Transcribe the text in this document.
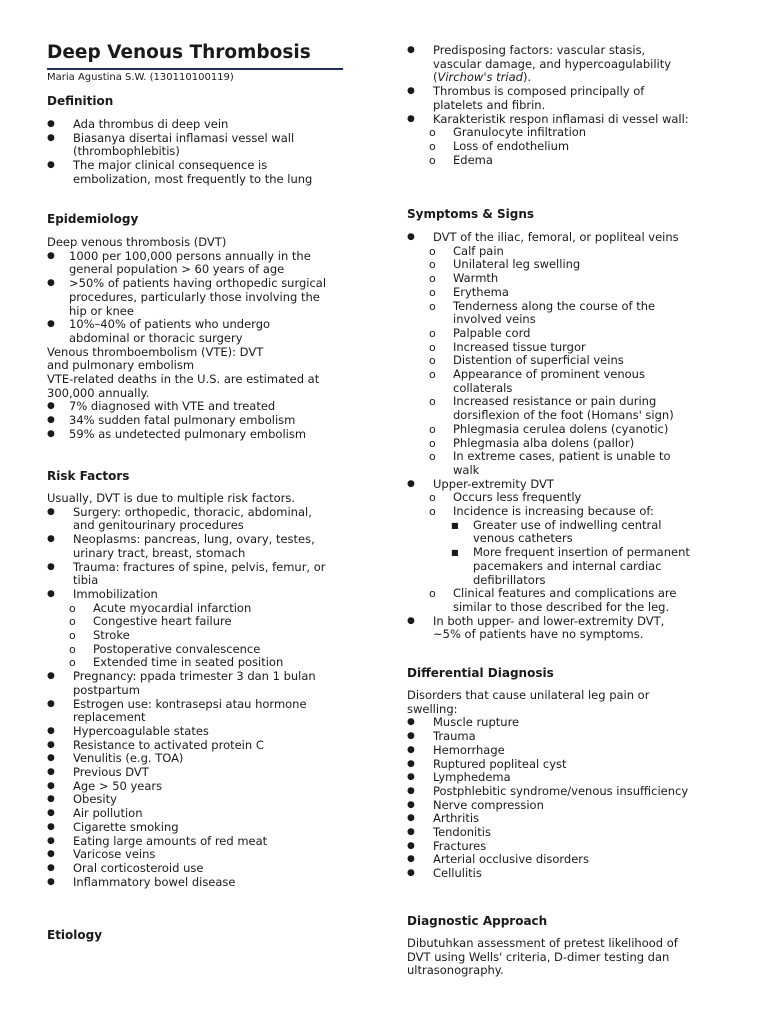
Deep Venous Thrombosis

Maria Agustina S.W. (130110100119)

Definition
● Ada thrombus di deep vein
● Biasanya disertai inflamasi vessel wall (thrombophlebitis)
● The major clinical consequence is embolization, most frequently to the lung
Epidemiology

Deep venous thrombosis (DVT)

● 1000 per 100,000 persons annually in the general population > 60 years of age
● >50% of patients having orthopedic surgical procedures, particularly those involving the hip or knee
● 10%–40% of patients who undergo abdominal or thoracic surgery

Venous thromboembolism (VTE): DVT and pulmonary embolism

VTE-related deaths in the U.S. are estimated at 300,000 annually.

● 7% diagnosed with VTE and treated
● 34% sudden fatal pulmonary embolism
● 59% as undetected pulmonary embolism
Risk Factors

Usually, DVT is due to multiple risk factors.

● Surgery: orthopedic, thoracic, abdominal, and genitourinary procedures
● Neoplasms: pancreas, lung, ovary, testes, urinary tract, breast, stomach
● Trauma: fractures of spine, pelvis, femur, or tibia
● Immobilization
o Acute myocardial infarction
o Congestive heart failure
o Stroke
o Postoperative convalescence
o Extended time in seated position
● Pregnancy: ppada trimester 3 dan 1 bulan postpartum
● Estrogen use: kontrasepsi atau hormone replacement
● Hypercoagulable states
● Resistance to activated protein C
● Venulitis (e.g. TOA)
● Previous DVT
● Age > 50 years
● Obesity
● Air pollution
● Cigarette smoking
● Eating large amounts of red meat
● Varicose veins
● Oral corticosteroid use
● Inflammatory bowel disease
Etiology
● Predisposing factors: vascular stasis, vascular damage, and hypercoagulability (Virchow's triad).
● Thrombus is composed principally of platelets and fibrin.
● Karakteristik respon inflamasi di vessel wall:
o Granulocyte infiltration
o Loss of endothelium
o Edema
Symptoms & Signs
● DVT of the iliac, femoral, or popliteal veins
o Calf pain
o Unilateral leg swelling
o Warmth
o Erythema
o Tenderness along the course of the involved veins
o Palpable cord
o Increased tissue turgor
o Distention of superficial veins
o Appearance of prominent venous collaterals
o Increased resistance or pain during dorsiflexion of the foot (Homans' sign)
o Phlegmasia cerulea dolens (cyanotic)
o Phlegmasia alba dolens (pallor)
o In extreme cases, patient is unable to walk
● Upper-extremity DVT
o Occurs less frequently
o Incidence is increasing because of:
■ Greater use of indwelling central venous catheters
■ More frequent insertion of permanent pacemakers and internal cardiac defibrillators
o Clinical features and complications are similar to those described for the leg.
● In both upper- and lower-extremity DVT, ~5% of patients have no symptoms.
Differential Diagnosis

Disorders that cause unilateral leg pain or swelling:

● Muscle rupture
● Trauma
● Hemorrhage
● Ruptured popliteal cyst
● Lymphedema
● Postphlebitic syndrome/venous insufficiency
● Nerve compression
● Arthritis
● Tendonitis
● Fractures
● Arterial occlusive disorders
● Cellulitis
Diagnostic Approach

Dibutuhkan assessment of pretest likelihood of DVT using Wells' criteria, D-dimer testing dan ultrasonography.
